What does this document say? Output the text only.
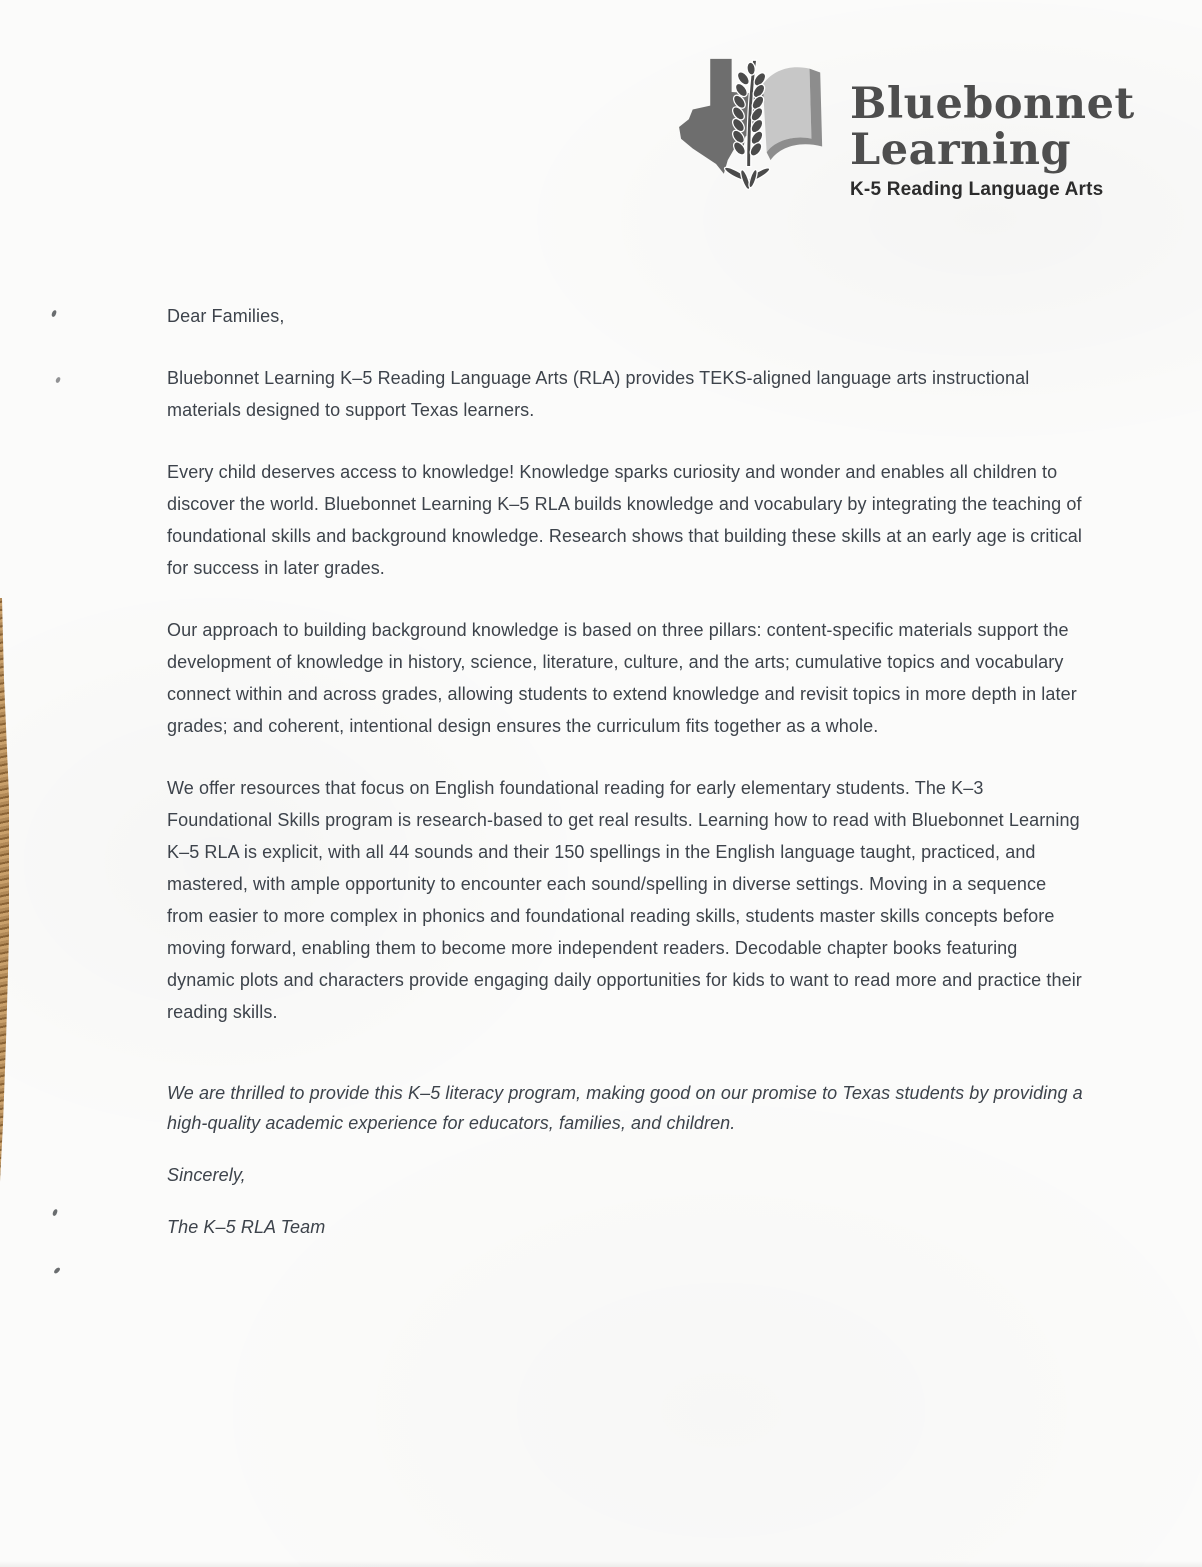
Bluebonnet
Learning
K-5 Reading Language Arts

Dear Families,

Bluebonnet Learning K–5 Reading Language Arts (RLA) provides TEKS-aligned language arts instructional materials designed to support Texas learners.

Every child deserves access to knowledge! Knowledge sparks curiosity and wonder and enables all children to discover the world. Bluebonnet Learning K–5 RLA builds knowledge and vocabulary by integrating the teaching of foundational skills and background knowledge. Research shows that building these skills at an early age is critical for success in later grades.

Our approach to building background knowledge is based on three pillars: content-specific materials support the development of knowledge in history, science, literature, culture, and the arts; cumulative topics and vocabulary connect within and across grades, allowing students to extend knowledge and revisit topics in more depth in later grades; and coherent, intentional design ensures the curriculum fits together as a whole.

We offer resources that focus on English foundational reading for early elementary students. The K–3 Foundational Skills program is research-based to get real results. Learning how to read with Bluebonnet Learning K–5 RLA is explicit, with all 44 sounds and their 150 spellings in the English language taught, practiced, and mastered, with ample opportunity to encounter each sound/spelling in diverse settings. Moving in a sequence from easier to more complex in phonics and foundational reading skills, students master skills concepts before moving forward, enabling them to become more independent readers. Decodable chapter books featuring dynamic plots and characters provide engaging daily opportunities for kids to want to read more and practice their reading skills.

We are thrilled to provide this K–5 literacy program, making good on our promise to Texas students by providing a high-quality academic experience for educators, families, and children.

Sincerely,

The K–5 RLA Team
